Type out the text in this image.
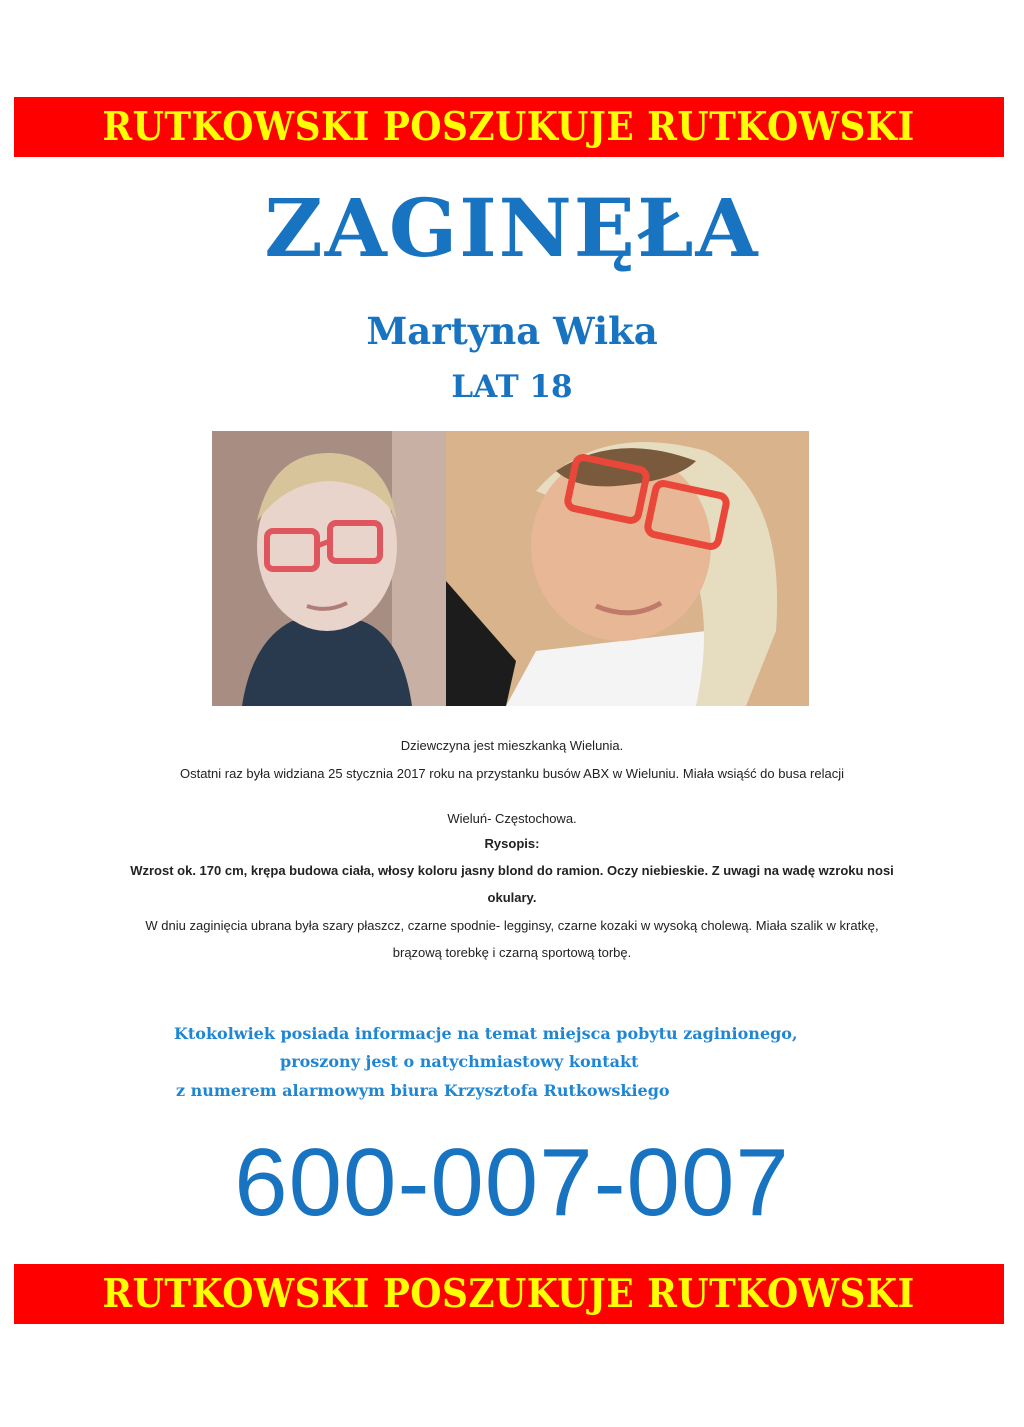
RUTKOWSKI POSZUKUJE RUTKOWSKI
ZAGINĘŁA
Martyna Wika
LAT 18
Dziewczyna jest mieszkanką Wielunia.
Ostatni raz była widziana 25 stycznia 2017 roku na przystanku busów ABX w Wieluniu. Miała wsiąść do busa relacji
Wieluń- Częstochowa.
Rysopis:
Wzrost ok. 170 cm, krępa budowa ciała, włosy koloru jasny blond do ramion. Oczy niebieskie. Z uwagi na wadę wzroku nosi
okulary.
W dniu zaginięcia ubrana była szary płaszcz, czarne spodnie- legginsy, czarne kozaki w wysoką cholewą. Miała szalik w kratkę,
brązową torebkę i czarną sportową torbę.
Ktokolwiek posiada informacje na temat miejsca pobytu zaginionego,
proszony jest o natychmiastowy kontakt
z numerem alarmowym biura Krzysztofa Rutkowskiego
600-007-007
RUTKOWSKI POSZUKUJE RUTKOWSKI
